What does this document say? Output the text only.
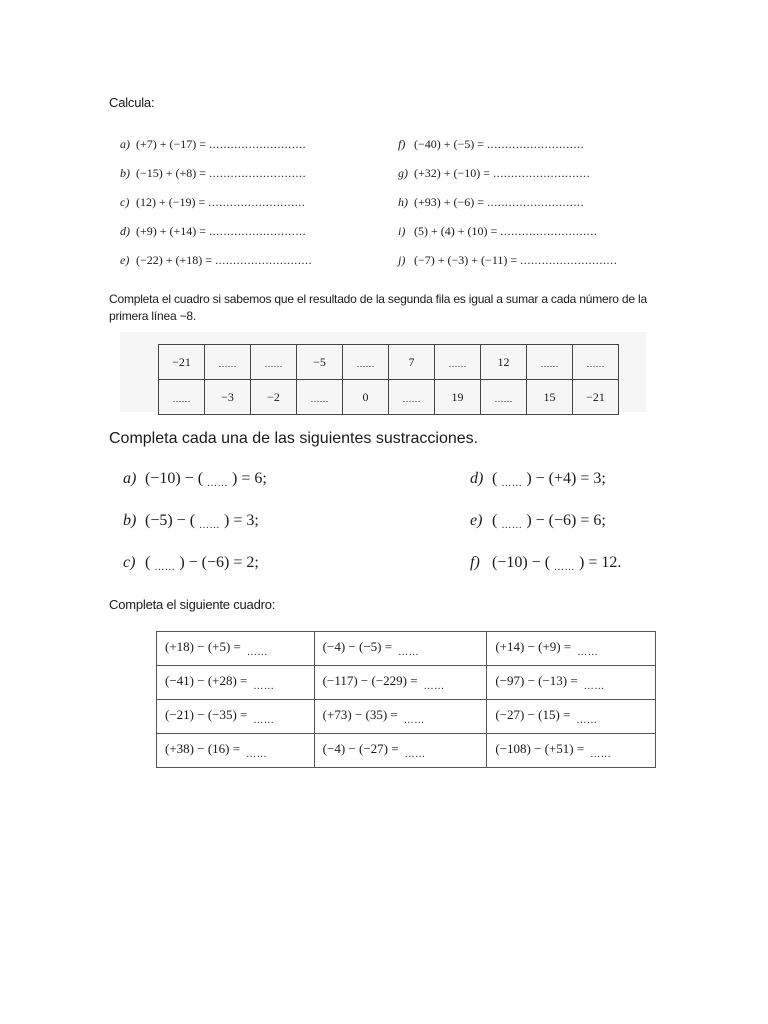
Calcula:
a) (+7) + (−17) = ...........................
b) (−15) + (+8) = ...........................
c) (12) + (−19) = ...........................
d) (+9) + (+14) = ...........................
e) (−22) + (+18) = ...........................
f) (−40) + (−5) = ...........................
g) (+32) + (−10) = ...........................
h) (+93) + (−6) = ...........................
i) (5) + (4) + (10) = ...........................
j) (−7) + (−3) + (−11) = ...........................
Completa el cuadro si sabemos que el resultado de la segunda fila es igual a sumar a cada número de la
primera línea −8.
−21	……	……	−5	……	7	……	12	……	……
……	−3	−2	……	0	……	19	……	15	−21
Completa cada una de las siguientes sustracciones.
a) (−10) − ( …… ) = 6;
b) (−5) − ( …… ) = 3;
c) ( …… ) − (−6) = 2;
d) ( …… ) − (+4) = 3;
e) ( …… ) − (−6) = 6;
f) (−10) − ( …… ) = 12.
Completa el siguiente cuadro:
(+18) − (+5) = $_{\dots\dots}$	(−4) − (−5) = $_{\dots\dots}$	(+14) − (+9) = $_{\dots\dots}$
(−41) − (+28) = $_{\dots\dots}$	(−117) − (−229) = $_{\dots\dots}$	(−97) − (−13) = $_{\dots\dots}$
(−21) − (−35) = $_{\dots\dots}$	(+73) − (35) = $_{\dots\dots}$	(−27) − (15) = $_{\dots\dots}$
(+38) − (16) = $_{\dots\dots}$	(−4) − (−27) = $_{\dots\dots}$	(−108) − (+51) = $_{\dots\dots}$
